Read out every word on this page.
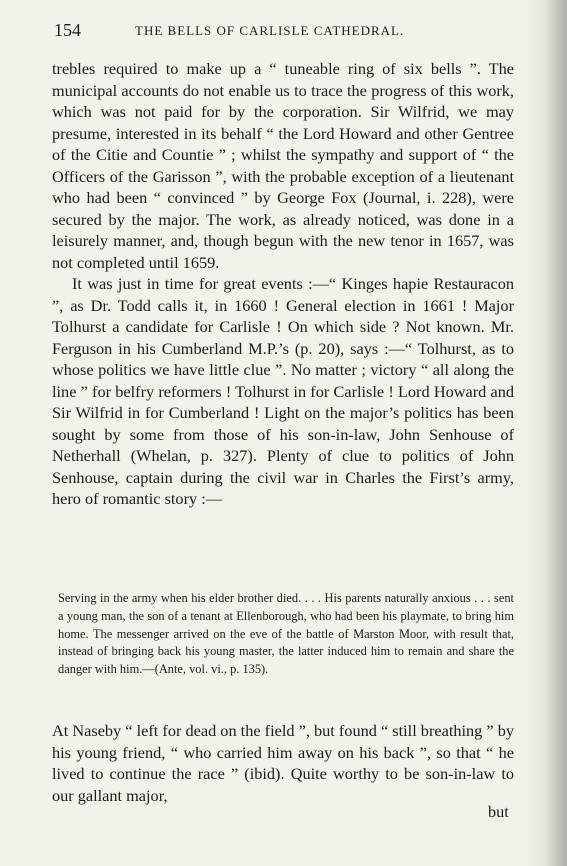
154	THE BELLS OF CARLISLE CATHEDRAL.

trebles required to make up a “ tuneable ring of six bells ”. The municipal accounts do not enable us to trace the progress of this work, which was not paid for by the corporation. Sir Wilfrid, we may presume, interested in its behalf “ the Lord Howard and other Gentree of the Citie and Countie ” ; whilst the sympathy and support of “ the Officers of the Garisson ”, with the probable exception of a lieutenant who had been “ convinced ” by George Fox (Journal, i. 228), were secured by the major. The work, as already noticed, was done in a leisurely manner, and, though begun with the new tenor in 1657, was not completed until 1659.

It was just in time for great events :—“ Kinges hapie Restauracon ”, as Dr. Todd calls it, in 1660 ! General election in 1661 ! Major Tolhurst a candidate for Carlisle ! On which side ? Not known. Mr. Ferguson in his Cumberland M.P.’s (p. 20), says :—“ Tolhurst, as to whose politics we have little clue ”. No matter ; victory “ all along the line ” for belfry reformers ! Tolhurst in for Carlisle ! Lord Howard and Sir Wilfrid in for Cumberland ! Light on the major’s politics has been sought by some from those of his son-in-law, John Senhouse of Netherhall (Whelan, p. 327). Plenty of clue to politics of John Senhouse, captain during the civil war in Charles the First’s army, hero of romantic story :—

Serving in the army when his elder brother died. . . . His parents naturally anxious . . . sent a young man, the son of a tenant at Ellenborough, who had been his playmate, to bring him home. The messenger arrived on the eve of the battle of Marston Moor, with result that, instead of bringing back his young master, the latter induced him to remain and share the danger with him.—(Ante, vol. vi., p. 135).

At Naseby “ left for dead on the field ”, but found “ still breathing ” by his young friend, “ who carried him away on his back ”, so that “ he lived to continue the race ” (ibid). Quite worthy to be son-in-law to our gallant major,

but
